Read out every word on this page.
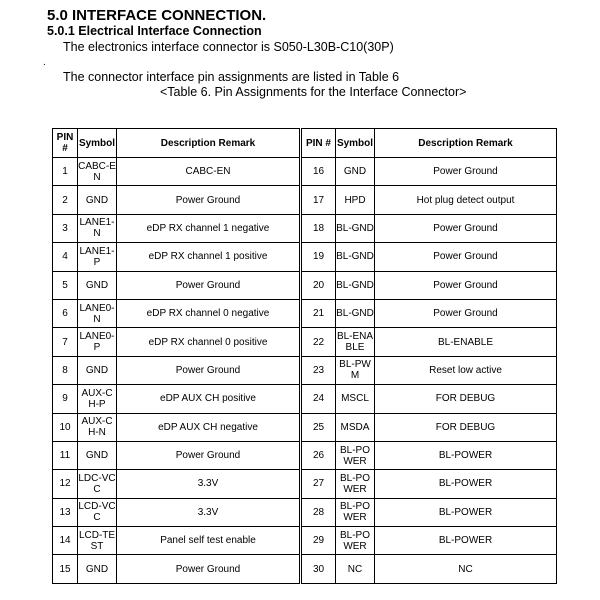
5.0 INTERFACE CONNECTION.
5.0.1 Electrical Interface Connection
The electronics interface connector is S050-L30B-C10(30P)
.
The connector interface pin assignments are listed in Table 6
<Table 6. Pin Assignments for the Interface Connector>
PIN #	Symbol	Description Remark	PIN #	Symbol	Description Remark
1	CABC-EN	CABC-EN	16	GND	Power Ground
2	GND	Power Ground	17	HPD	Hot plug detect output
3	LANE1-N	eDP RX channel 1 negative	18	BL-GND	Power Ground
4	LANE1-P	eDP RX channel 1 positive	19	BL-GND	Power Ground
5	GND	Power Ground	20	BL-GND	Power Ground
6	LANE0-N	eDP RX channel 0 negative	21	BL-GND	Power Ground
7	LANE0-P	eDP RX channel 0 positive	22	BL-ENABLE	BL-ENABLE
8	GND	Power Ground	23	BL-PWM	Reset low active
9	AUX-CH-P	eDP AUX CH positive	24	MSCL	FOR DEBUG
10	AUX-CH-N	eDP AUX CH negative	25	MSDA	FOR DEBUG
11	GND	Power Ground	26	BL-POWER	BL-POWER
12	LDC-VCC	3.3V	27	BL-POWER	BL-POWER
13	LCD-VCC	3.3V	28	BL-POWER	BL-POWER
14	LCD-TEST	Panel self test enable	29	BL-POWER	BL-POWER
15	GND	Power Ground	30	NC	NC
